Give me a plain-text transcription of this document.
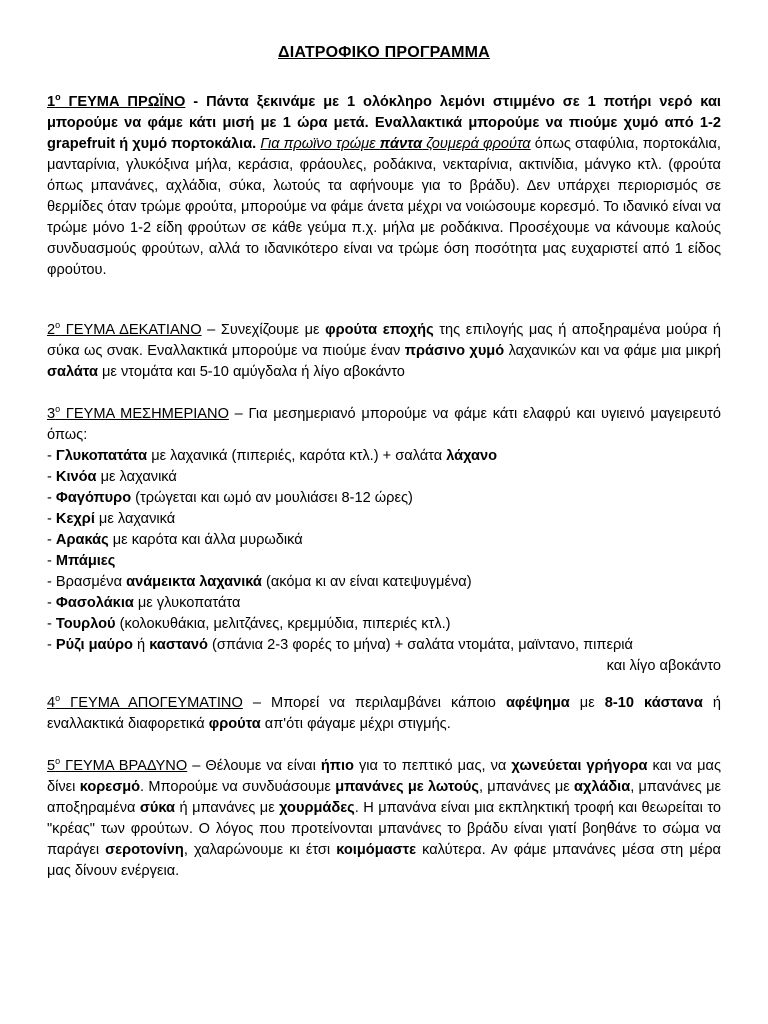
ΔΙΑΤΡΟΦΙΚΟ ΠΡΟΓΡΑΜΜΑ

$1^o$ ΓΕΥΜΑ ΠΡΩΪΝΟ - Πάντα ξεκινάμε με 1 ολόκληρο λεμόνι στιμμένο σε 1 ποτήρι νερό και μπορούμε να φάμε κάτι μισή με 1 ώρα μετά. Εναλλακτικά μπορούμε να πιούμε χυμό από 1-2 grapefruit ή χυμό πορτοκάλια. Για πρωϊνο τρώμε πάντα ζουμερά φρούτα όπως σταφύλια, πορτοκάλια, μανταρίνια, γλυκόξινα μήλα, κεράσια, φράουλες, ροδάκινα, νεκταρίνια, ακτινίδια, μάνγκο κτλ. (φρούτα όπως μπανάνες, αχλάδια, σύκα, λωτούς τα αφήνουμε για το βράδυ). Δεν υπάρχει περιορισμός σε θερμίδες όταν τρώμε φρούτα, μπορούμε να φάμε άνετα μέχρι να νοιώσουμε κορεσμό. Το ιδανικό είναι να τρώμε μόνο 1-2 είδη φρούτων σε κάθε γεύμα π.χ. μήλα με ροδάκινα. Προσέχουμε να κάνουμε καλούς συνδυασμούς φρούτων, αλλά το ιδανικότερο είναι να τρώμε όση ποσότητα μας ευχαριστεί από 1 είδος φρούτου.

$2^o$ ΓΕΥΜΑ ΔΕΚΑΤΙΑΝΟ – Συνεχίζουμε με φρούτα εποχής της επιλογής μας ή αποξηραμένα μούρα ή σύκα ως σνακ. Εναλλακτικά μπορούμε να πιούμε έναν πράσινο χυμό λαχανικών και να φάμε μια μικρή σαλάτα με ντομάτα και 5-10 αμύγδαλα ή λίγο αβοκάντο

$3^o$ ΓΕΥΜΑ ΜΕΣΗΜΕΡΙΑΝΟ – Για μεσημεριανό μπορούμε να φάμε κάτι ελαφρύ και υγιεινό μαγειρευτό όπως:

- Γλυκοπατάτα με λαχανικά (πιπεριές, καρότα κτλ.) + σαλάτα λάχανο
- Κινόα με λαχανικά
- Φαγόπυρο (τρώγεται και ωμό αν μουλιάσει 8-12 ώρες)
- Κεχρί με λαχανικά
- Αρακάς με καρότα και άλλα μυρωδικά
- Μπάμιες
- Βρασμένα ανάμεικτα λαχανικά (ακόμα κι αν είναι κατεψυγμένα)
- Φασολάκια με γλυκοπατάτα
- Τουρλού (κολοκυθάκια, μελιτζάνες, κρεμμύδια, πιπεριές κτλ.)
- Ρύζι μαύρο ή καστανό (σπάνια 2-3 φορές το μήνα) + σαλάτα ντομάτα, μαϊντανο, πιπεριά
και λίγο αβοκάντο

$4^o$ ΓΕΥΜΑ ΑΠΟΓΕΥΜΑΤΙΝΟ – Μπορεί να περιλαμβάνει κάποιο αφέψημα με 8-10 κάστανα ή εναλλακτικά διαφορετικά φρούτα απ'ότι φάγαμε μέχρι στιγμής.

$5^o$ ΓΕΥΜΑ ΒΡΑΔΥΝΟ – Θέλουμε να είναι ήπιο για το πεπτικό μας, να χωνεύεται γρήγορα και να μας δίνει κορεσμό. Μπορούμε να συνδυάσουμε μπανάνες με λωτούς, μπανάνες με αχλάδια, μπανάνες με αποξηραμένα σύκα ή μπανάνες με χουρμάδες. Η μπανάνα είναι μια εκπληκτική τροφή και θεωρείται το "κρέας" των φρούτων. Ο λόγος που προτείνονται μπανάνες το βράδυ είναι γιατί βοηθάνε το σώμα να παράγει σεροτονίνη, χαλαρώνουμε κι έτσι κοιμόμαστε καλύτερα. Αν φάμε μπανάνες μέσα στη μέρα μας δίνουν ενέργεια.
